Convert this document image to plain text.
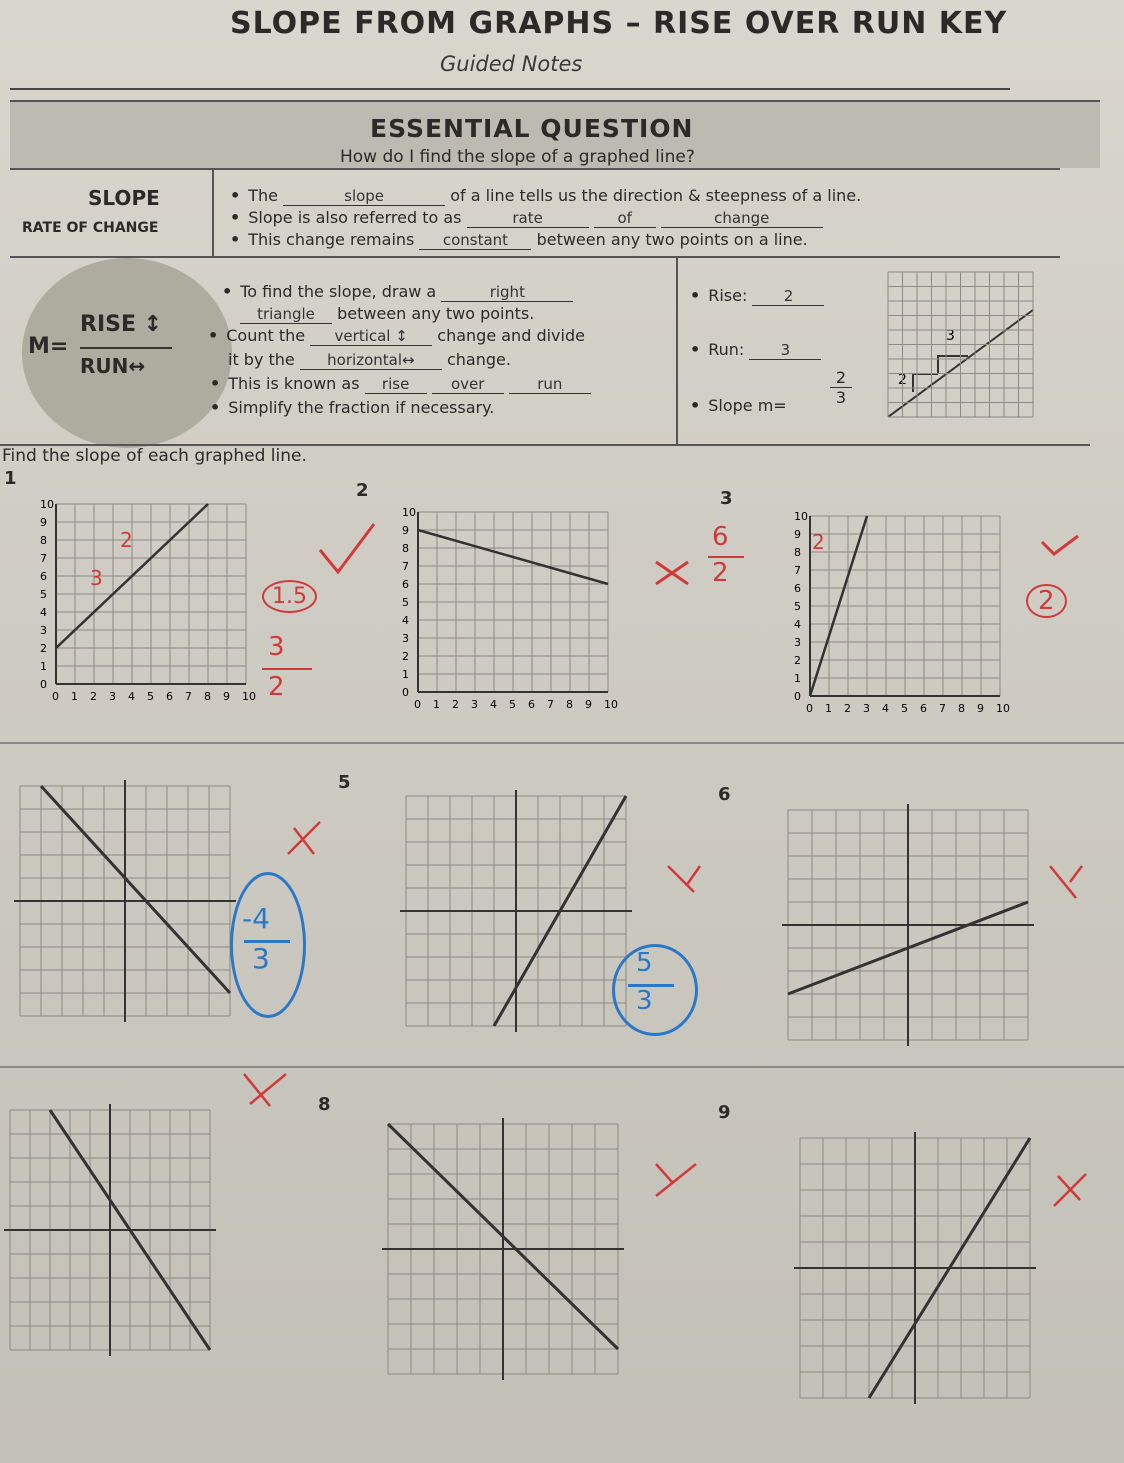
SLOPE FROM GRAPHS – RISE OVER RUN KEY
Guided Notes
ESSENTIAL QUESTION
How do I find the slope of a graphed line?
SLOPE
RATE OF CHANGE
• The	slope	of a line tells us the direction & steepness of a line.
• Slope is also referred to as	rate	of	change
• This change remains constant between any two points on a line.
M=
RISE ↕
RUN↔
• To find the slope, draw a	right
triangle between any two points.
• Count the vertical ↕ change and divide
it by the horizontal↔ change.
• This is known as rise	over	run
• Simplify the fraction if necessary.
• Rise: 2
• Run: 3
• Slope m=	$\frac{2}{3}$
3
2
Find the slope of each graphed line.
1
2	3
5
6
8	9
0
0
1
1
2
2
3
3
4
4
5
5
6
6
7
7
8
8
9
9
10
10
0
0
1
1
2
2
3
3
4
4
5
5
6
6
7
7
8
8
9
9
10
10
0
0
1
1
2
2
3
3
4
4
5
5
6
6
7
7
8
8
9
9
10
10
1.5
3
2
2
3
6
2
2
2
-4
3	5
3
